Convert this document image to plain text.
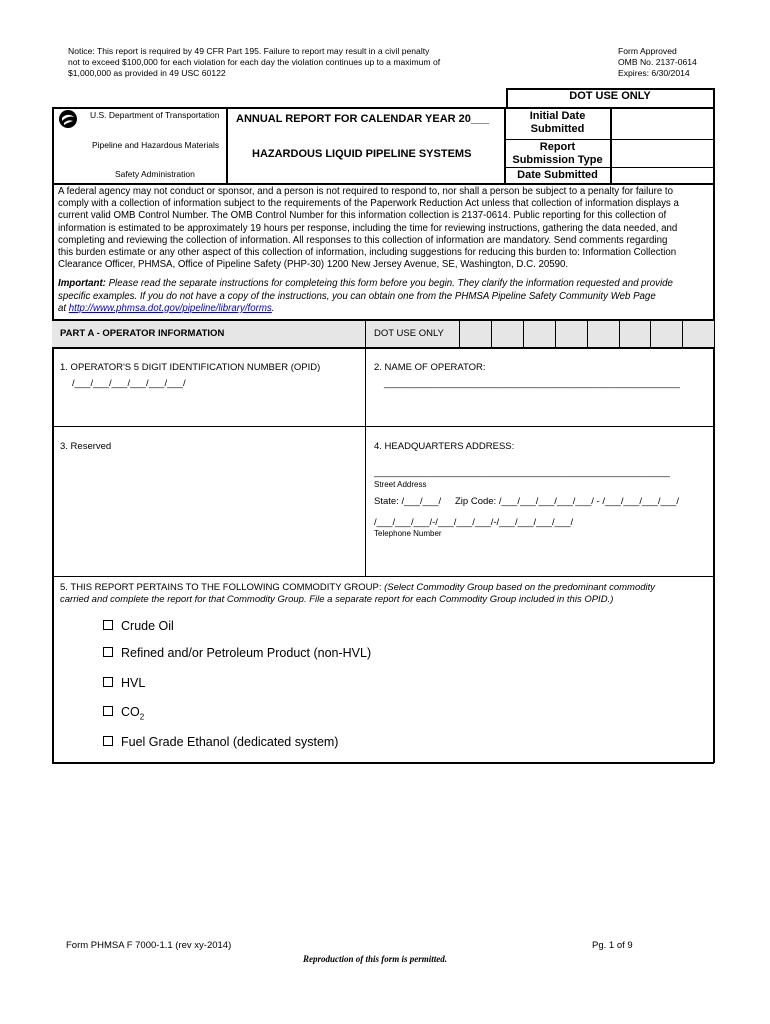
Notice: This report is required by 49 CFR Part 195. Failure to report may result in a civil penalty
not to exceed $100,000 for each violation for each day the violation continues up to a maximum of
$1,000,000 as provided in 49 USC 60122
Form Approved
OMB No. 2137-0614
Expires: 6/30/2014
U.S. Department of Transportation
Pipeline and Hazardous Materials
Safety Administration
ANNUAL REPORT FOR CALENDAR YEAR 20___
HAZARDOUS LIQUID PIPELINE SYSTEMS
DOT USE ONLY
Initial Date
Submitted
Report
Submission Type
Date Submitted
A federal agency may not conduct or sponsor, and a person is not required to respond to, nor shall a person be subject to a penalty for failure to
comply with a collection of information subject to the requirements of the Paperwork Reduction Act unless that collection of information displays a
current valid OMB Control Number. The OMB Control Number for this information collection is 2137-0614. Public reporting for this collection of
information is estimated to be approximately 19 hours per response, including the time for reviewing instructions, gathering the data needed, and
completing and reviewing the collection of information. All responses to this collection of information are mandatory. Send comments regarding
this burden estimate or any other aspect of this collection of information, including suggestions for reducing this burden to: Information Collection
Clearance Officer, PHMSA, Office of Pipeline Safety (PHP-30) 1200 New Jersey Avenue, SE, Washington, D.C. 20590.
Important: Please read the separate instructions for completeing this form before you begin. They clarify the information requested and provide
specific examples. If you do not have a copy of the instructions, you can obtain one from the PHMSA Pipeline Safety Community Web Page
at http://www.phmsa.dot.gov/pipeline/library/forms.
PART A - OPERATOR INFORMATION	DOT USE ONLY
1. OPERATOR'S 5 DIGIT IDENTIFICATION NUMBER (OPID)
/___/___/___/___/___/___/
2. NAME OF OPERATOR:
________________________________________________________
3. Reserved	4. HEADQUARTERS ADDRESS:
________________________________________________________
Street Address
State: /___/___/ Zip Code: /___/___/___/___/___/ - /___/___/___/___/
/___/___/___/-/___/___/___/-/___/___/___/___/
Telephone Number
5. THIS REPORT PERTAINS TO THE FOLLOWING COMMODITY GROUP: (Select Commodity Group based on the predominant commodity
carried and complete the report for that Commodity Group. File a separate report for each Commodity Group included in this OPID.)
Crude Oil
Refined and/or Petroleum Product (non-HVL)
HVL
$CO_2$
Fuel Grade Ethanol (dedicated system)
Form PHMSA F 7000-1.1 (rev xy-2014)	Pg. 1 of 9
Reproduction of this form is permitted.
